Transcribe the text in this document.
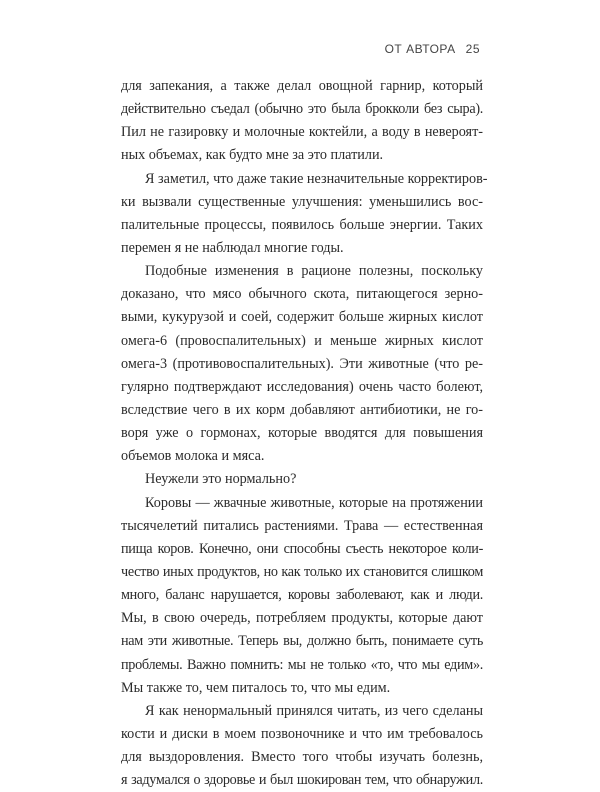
ОТ АВТОРА 25
для запекания, а также делал овощной гарнир, который
действительно съедал (обычно это была брокколи без сыра).
Пил не газировку и молочные коктейли, а воду в невероят-
ных объемах, как будто мне за это платили.
Я заметил, что даже такие незначительные корректиров-
ки вызвали существенные улучшения: уменьшились вос-
палительные процессы, появилось больше энергии. Таких
перемен я не наблюдал многие годы.
Подобные изменения в рационе полезны, поскольку
доказано, что мясо обычного скота, питающегося зерно-
выми, кукурузой и соей, содержит больше жирных кислот
омега-6 (провоспалительных) и меньше жирных кислот
омега-3 (противовоспалительных). Эти животные (что ре-
гулярно подтверждают исследования) очень часто болеют,
вследствие чего в их корм добавляют антибиотики, не го-
воря уже о гормонах, которые вводятся для повышения
объемов молока и мяса.
Неужели это нормально?
Коровы — жвачные животные, которые на протяжении
тысячелетий питались растениями. Трава — естественная
пища коров. Конечно, они способны съесть некоторое коли-
чество иных продуктов, но как только их становится слишком
много, баланс нарушается, коровы заболевают, как и люди.
Мы, в свою очередь, потребляем продукты, которые дают
нам эти животные. Теперь вы, должно быть, понимаете суть
проблемы. Важно помнить: мы не только «то, что мы едим».
Мы также то, чем питалось то, что мы едим.
Я как ненормальный принялся читать, из чего сделаны
кости и диски в моем позвоночнике и что им требовалось
для выздоровления. Вместо того чтобы изучать болезнь,
я задумался о здоровье и был шокирован тем, что обнаружил.
